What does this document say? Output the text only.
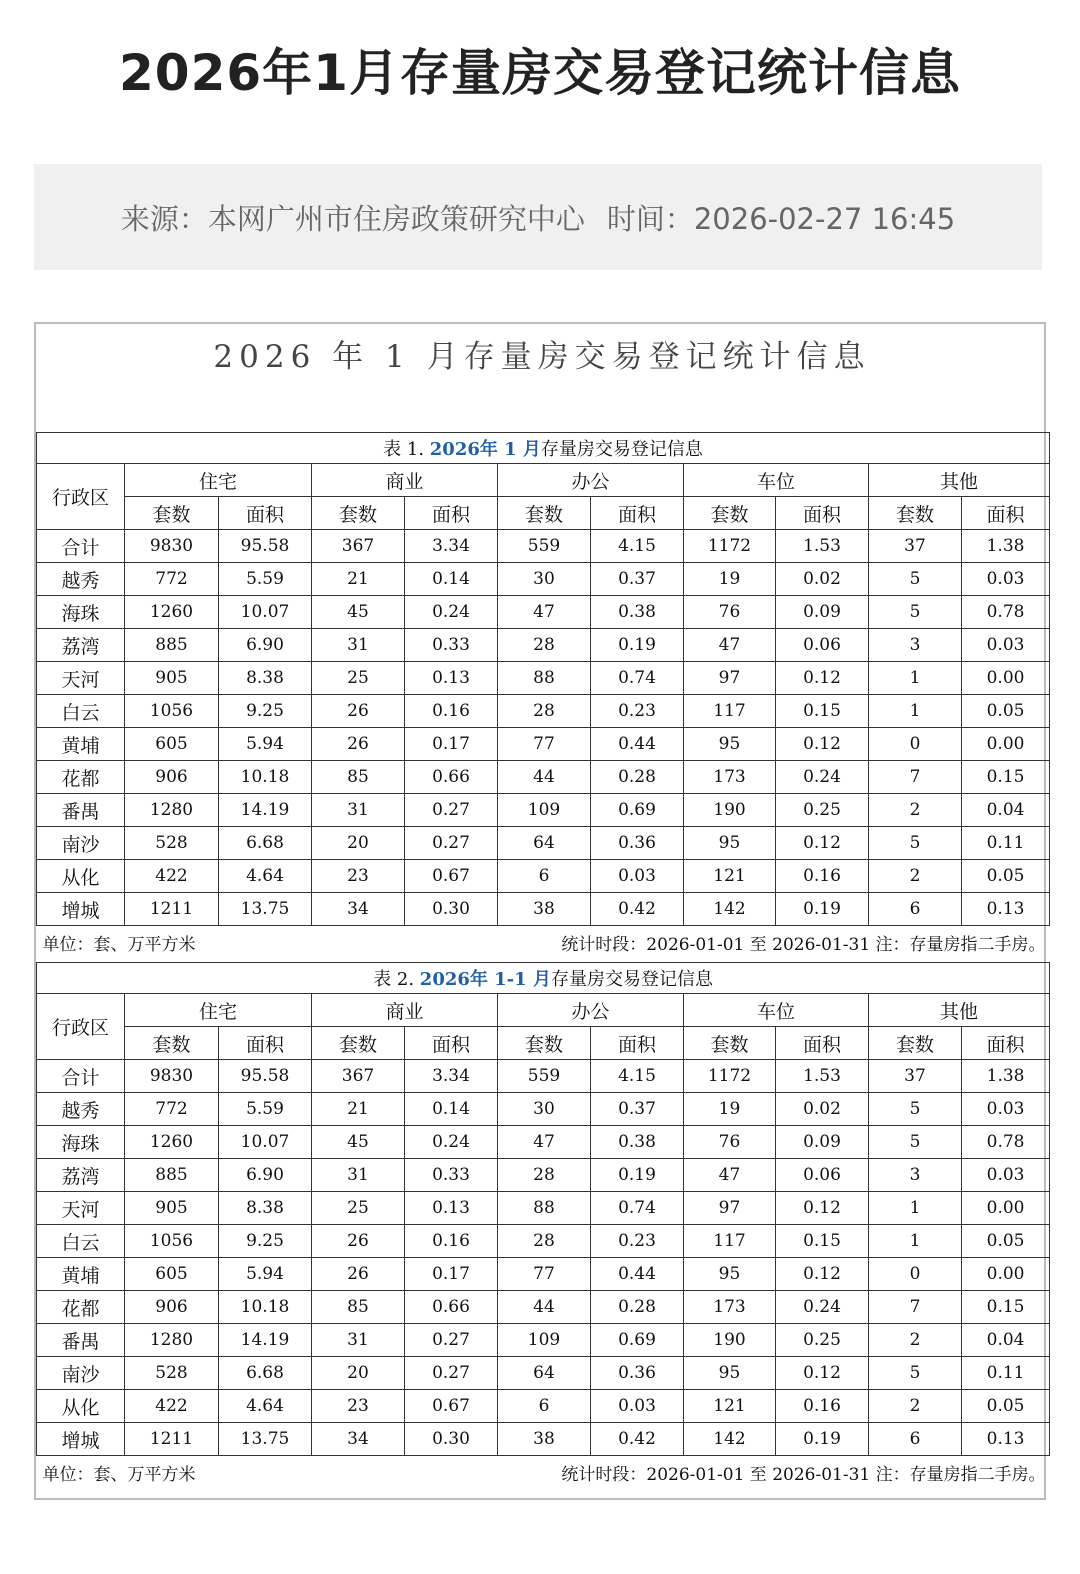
2026年1月存量房交易登记统计信息
来源：本网广州市住房政策研究中心 时间：2026-02-27 16:45
2026 年 1 月存量房交易登记统计信息
表 1. 2026年 1 月存量房交易登记信息										
行政区	住宅		商业		办公		车位		其他	
	套数	面积	套数	面积	套数	面积	套数	面积	套数	面积
合计	9830	95.58	367	3.34	559	4.15	1172	1.53	37	1.38
越秀	772	5.59	21	0.14	30	0.37	19	0.02	5	0.03
海珠	1260	10.07	45	0.24	47	0.38	76	0.09	5	0.78
荔湾	885	6.90	31	0.33	28	0.19	47	0.06	3	0.03
天河	905	8.38	25	0.13	88	0.74	97	0.12	1	0.00
白云	1056	9.25	26	0.16	28	0.23	117	0.15	1	0.05
黄埔	605	5.94	26	0.17	77	0.44	95	0.12	0	0.00
花都	906	10.18	85	0.66	44	0.28	173	0.24	7	0.15
番禺	1280	14.19	31	0.27	109	0.69	190	0.25	2	0.04
南沙	528	6.68	20	0.27	64	0.36	95	0.12	5	0.11
从化	422	4.64	23	0.67	6	0.03	121	0.16	2	0.05
增城	1211	13.75	34	0.30	38	0.42	142	0.19	6	0.13

单位：套、万平方米 统计时段：2026-01-01 至 2026-01-31 注：存量房指二手房。										
表 2. 2026年 1-1 月存量房交易登记信息										
行政区	住宅		商业		办公		车位		其他	
	套数	面积	套数	面积	套数	面积	套数	面积	套数	面积
合计	9830	95.58	367	3.34	559	4.15	1172	1.53	37	1.38
越秀	772	5.59	21	0.14	30	0.37	19	0.02	5	0.03
海珠	1260	10.07	45	0.24	47	0.38	76	0.09	5	0.78
荔湾	885	6.90	31	0.33	28	0.19	47	0.06	3	0.03
天河	905	8.38	25	0.13	88	0.74	97	0.12	1	0.00
白云	1056	9.25	26	0.16	28	0.23	117	0.15	1	0.05
黄埔	605	5.94	26	0.17	77	0.44	95	0.12	0	0.00
花都	906	10.18	85	0.66	44	0.28	173	0.24	7	0.15
番禺	1280	14.19	31	0.27	109	0.69	190	0.25	2	0.04
南沙	528	6.68	20	0.27	64	0.36	95	0.12	5	0.11
从化	422	4.64	23	0.67	6	0.03	121	0.16	2	0.05
增城	1211	13.75	34	0.30	38	0.42	142	0.19	6	0.13

单位：套、万平方米 统计时段：2026-01-01 至 2026-01-31 注：存量房指二手房。										
